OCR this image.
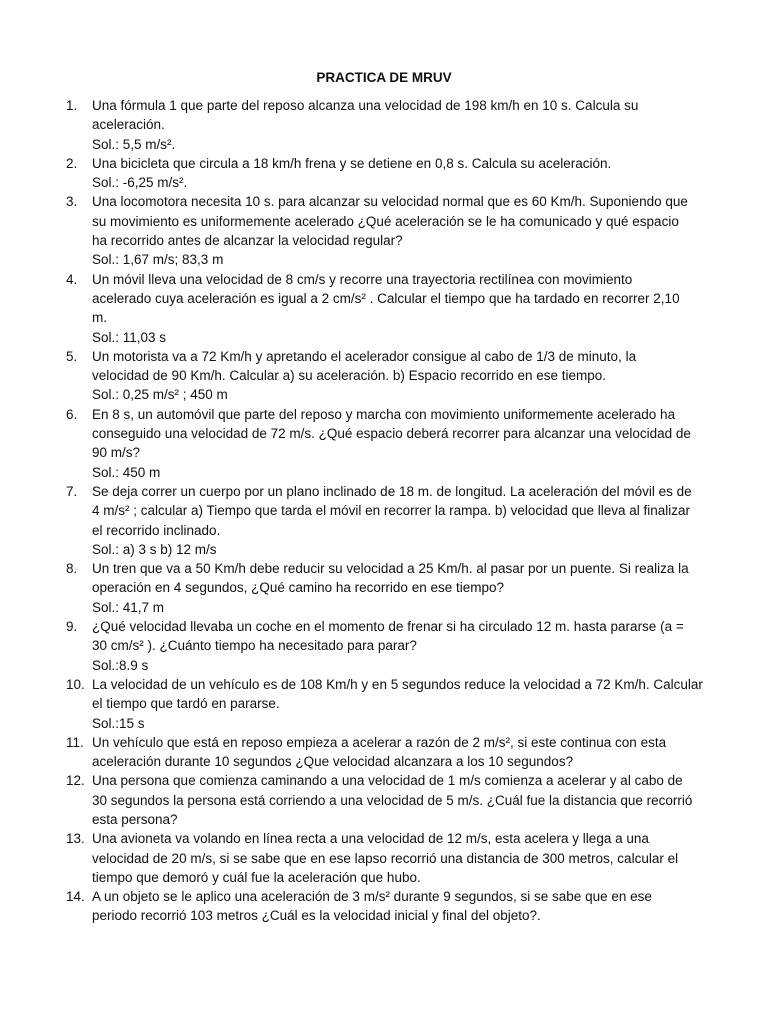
PRACTICA DE MRUV
1. Una fórmula 1 que parte del reposo alcanza una velocidad de 198 km/h en 10 s. Calcula su
aceleración.
Sol.: 5,5 m/s².
2. Una bicicleta que circula a 18 km/h frena y se detiene en 0,8 s. Calcula su aceleración.
Sol.: -6,25 m/s².
3. Una locomotora necesita 10 s. para alcanzar su velocidad normal que es 60 Km/h. Suponiendo que
su movimiento es uniformemente acelerado ¿Qué aceleración se le ha comunicado y qué espacio
ha recorrido antes de alcanzar la velocidad regular?
Sol.: 1,67 m/s; 83,3 m
4. Un móvil lleva una velocidad de 8 cm/s y recorre una trayectoria rectilínea con movimiento
acelerado cuya aceleración es igual a 2 cm/s² . Calcular el tiempo que ha tardado en recorrer 2,10
m.
Sol.: 11,03 s
5. Un motorista va a 72 Km/h y apretando el acelerador consigue al cabo de 1/3 de minuto, la
velocidad de 90 Km/h. Calcular a) su aceleración. b) Espacio recorrido en ese tiempo.
Sol.: 0,25 m/s² ; 450 m
6. En 8 s, un automóvil que parte del reposo y marcha con movimiento uniformemente acelerado ha
conseguido una velocidad de 72 m/s. ¿Qué espacio deberá recorrer para alcanzar una velocidad de
90 m/s?
Sol.: 450 m
7. Se deja correr un cuerpo por un plano inclinado de 18 m. de longitud. La aceleración del móvil es de
4 m/s² ; calcular a) Tiempo que tarda el móvil en recorrer la rampa. b) velocidad que lleva al finalizar
el recorrido inclinado.
Sol.: a) 3 s b) 12 m/s
8. Un tren que va a 50 Km/h debe reducir su velocidad a 25 Km/h. al pasar por un puente. Si realiza la
operación en 4 segundos, ¿Qué camino ha recorrido en ese tiempo?
Sol.: 41,7 m
9. ¿Qué velocidad llevaba un coche en el momento de frenar si ha circulado 12 m. hasta pararse (a =
30 cm/s² ). ¿Cuánto tiempo ha necesitado para parar?
Sol.:8.9 s
10. La velocidad de un vehículo es de 108 Km/h y en 5 segundos reduce la velocidad a 72 Km/h. Calcular
el tiempo que tardó en pararse.
Sol.:15 s
11. Un vehículo que está en reposo empieza a acelerar a razón de 2 m/s², si este continua con esta
aceleración durante 10 segundos ¿Que velocidad alcanzara a los 10 segundos?
12. Una persona que comienza caminando a una velocidad de 1 m/s comienza a acelerar y al cabo de
30 segundos la persona está corriendo a una velocidad de 5 m/s. ¿Cuál fue la distancia que recorrió
esta persona?
13. Una avioneta va volando en línea recta a una velocidad de 12 m/s, esta acelera y llega a una
velocidad de 20 m/s, si se sabe que en ese lapso recorrió una distancia de 300 metros, calcular el
tiempo que demoró y cuál fue la aceleración que hubo.
14. A un objeto se le aplico una aceleración de 3 m/s² durante 9 segundos, si se sabe que en ese
periodo recorrió 103 metros ¿Cuál es la velocidad inicial y final del objeto?.
